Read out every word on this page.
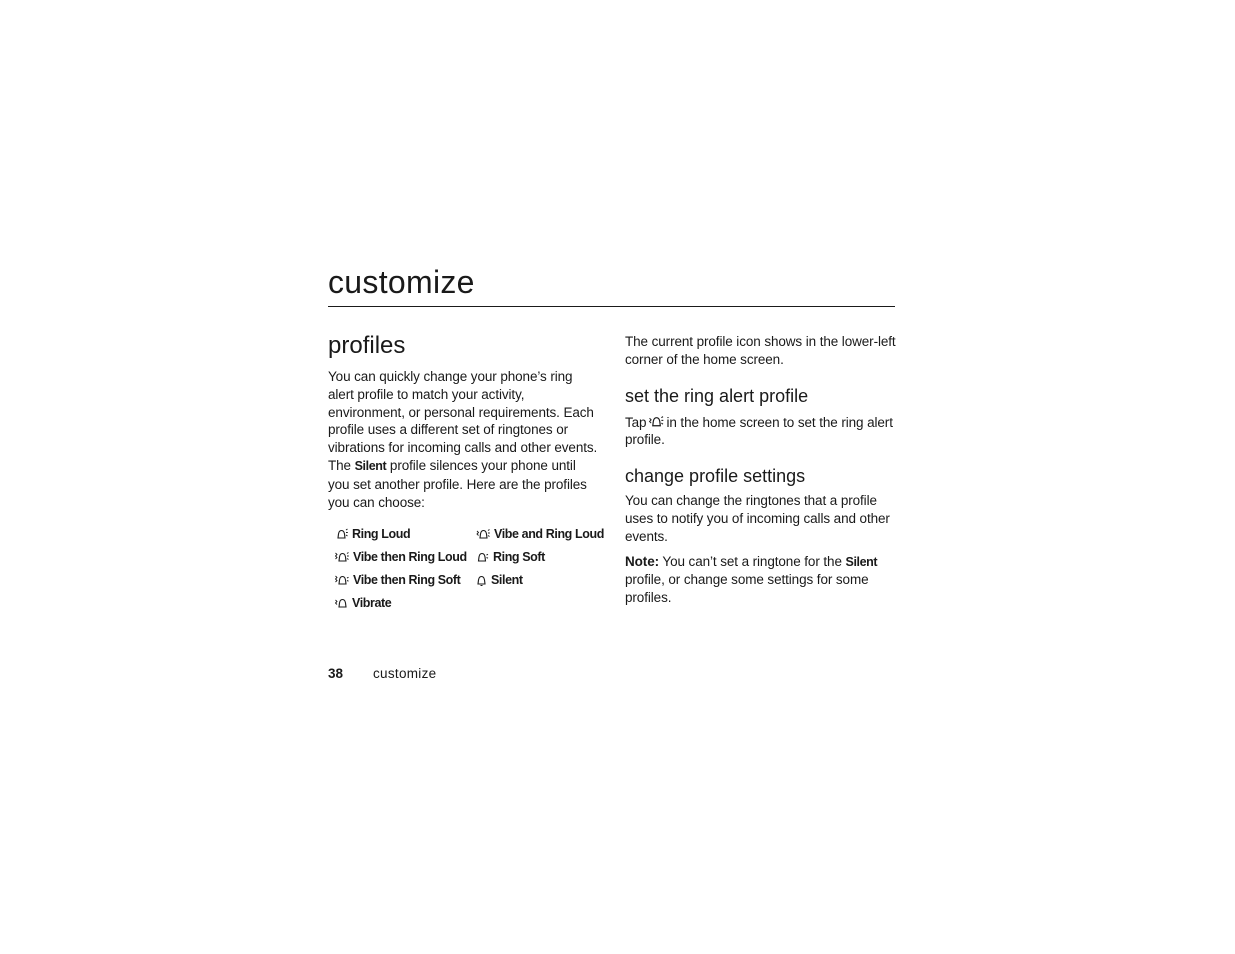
customize
profiles

You can quickly change your phone’s ring alert profile to match your activity, environment, or personal requirements. Each profile uses a different set of ringtones or vibrations for incoming calls and other events. The Silent profile silences your phone until you set another profile. Here are the profiles you can choose:

Ring Loud	Vibe and Ring Loud
Vibe then Ring Loud Ring Soft
Vibe then Ring Soft Silent
Vibrate

The current profile icon shows in the lower-left corner of the home screen.

set the ring alert profile

Tap in the home screen to set the ring alert profile.

change profile settings

You can change the ringtones that a profile uses to notify you of incoming calls and other events.

Note: You can’t set a ringtone for the Silent profile, or change some settings for some profiles.

38 customize
